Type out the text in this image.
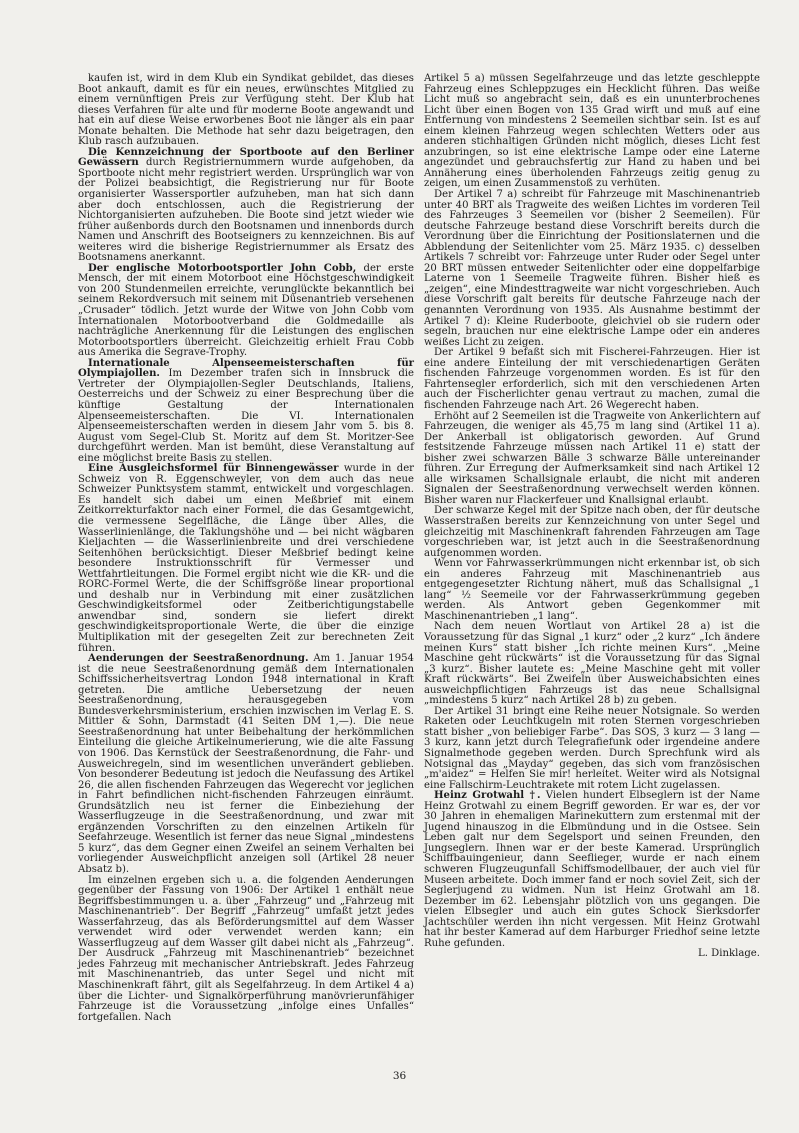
kaufen ist, wird in dem Klub ein Syndikat gebildet, das dieses Boot ankauft, damit es für ein neues, erwünschtes Mitglied zu einem vernünftigen Preis zur Verfügung steht. Der Klub hat dieses Verfahren für alte und für moderne Boote angewandt und hat ein auf diese Weise erworbenes Boot nie länger als ein paar Monate behalten. Die Methode hat sehr dazu beigetragen, den Klub rasch aufzubauen.

Die Kennzeichnung der Sportboote auf den Berliner Gewässern durch Registriernummern wurde aufgehoben, da Sportboote nicht mehr registriert werden. Ursprünglich war von der Polizei beabsichtigt, die Registrierung nur für Boote organisierter Wassersportler aufzuheben, man hat sich dann aber doch entschlossen, auch die Registrierung der Nichtorganisierten aufzuheben. Die Boote sind jetzt wieder wie früher außenbords durch den Bootsnamen und innenbords durch Namen und Anschrift des Bootseigners zu kennzeichnen. Bis auf weiteres wird die bisherige Registriernummer als Ersatz des Bootsnamens anerkannt.

Der englische Motorbootsportler John Cobb, der erste Mensch, der mit einem Motorboot eine Höchstgeschwindigkeit von 200 Stundenmeilen erreichte, verunglückte bekanntlich bei seinem Rekordversuch mit seinem mit Düsenantrieb versehenen „Crusader“ tödlich. Jetzt wurde der Witwe von John Cobb vom Internationalen Motorbootverband die Goldmedaille als nachträgliche Anerkennung für die Leistungen des englischen Motorbootsportlers überreicht. Gleichzeitig erhielt Frau Cobb aus Amerika die Segrave-Trophy.

Internationale Alpenseemeisterschaften für Olympiajollen. Im Dezember trafen sich in Innsbruck die Vertreter der Olympiajollen-Segler Deutschlands, Italiens, Oesterreichs und der Schweiz zu einer Besprechung über die künftige Gestaltung der Internationalen Alpenseemeisterschaften. Die VI. Internationalen Alpenseemeisterschaften werden in diesem Jahr vom 5. bis 8. August vom Segel-Club St. Moritz auf dem St. Moritzer-See durchgeführt werden. Man ist bemüht, diese Veranstaltung auf eine möglichst breite Basis zu stellen.

Eine Ausgleichsformel für Binnengewässer wurde in der Schweiz von R. Eggenschweyler, von dem auch das neue Schweizer Punktsystem stammt, entwickelt und vorgeschlagen. Es handelt sich dabei um einen Meßbrief mit einem Zeitkorrekturfaktor nach einer Formel, die das Gesamtgewicht, die vermessene Segelfläche, die Länge über Alles, die Wasserlinienlänge, die Taklungshöhe und — bei nicht wägbaren Kieljachten — die Wasserlinienbreite und drei verschiedene Seitenhöhen berücksichtigt. Dieser Meßbrief bedingt keine besondere Instruktionsschrift für Vermesser und Wettfahrtleitungen. Die Formel ergibt nicht wie die KR- und die RORC-Formel Werte, die der Schiffsgröße linear proportional und deshalb nur in Verbindung mit einer zusätzlichen Geschwindigkeitsformel oder Zeitberichtigungstabelle anwendbar sind, sondern sie liefert direkt geschwindigkeitsproportionale Werte, die über die einzige Multiplikation mit der gesegelten Zeit zur berechneten Zeit führen.

Aenderungen der Seestraßenordnung. Am 1. Januar 1954 ist die neue Seestraßenordnung gemäß dem Internationalen Schiffssicherheitsvertrag London 1948 international in Kraft getreten. Die amtliche Uebersetzung der neuen Seestraßenordnung, herausgegeben vom Bundesverkehrsministerium, erschien inzwischen im Verlag E. S. Mittler & Sohn, Darmstadt (41 Seiten DM 1,—). Die neue Seestraßenordnung hat unter Beibehaltung der herkömmlichen Einteilung die gleiche Artikelnumerierung, wie die alte Fassung von 1906. Das Kernstück der Seestraßenordnung, die Fahr- und Ausweichregeln, sind im wesentlichen unverändert geblieben. Von besonderer Bedeutung ist jedoch die Neufassung des Artikel 26, die allen fischenden Fahrzeugen das Wegerecht vor jeglichen in Fahrt befindlichen nicht-fischenden Fahrzeugen einräumt. Grundsätzlich neu ist ferner die Einbeziehung der Wasserflugzeuge in die Seestraßenordnung, und zwar mit ergänzenden Vorschriften zu den einzelnen Artikeln für Seefahrzeuge. Wesentlich ist ferner das neue Signal „mindestens 5 kurz“, das dem Gegner einen Zweifel an seinem Verhalten bei vorliegender Ausweichpflicht anzeigen soll (Artikel 28 neuer Absatz b).

Im einzelnen ergeben sich u. a. die folgenden Aenderungen gegenüber der Fassung von 1906: Der Artikel 1 enthält neue Begriffsbestimmungen u. a. über „Fahrzeug“ und „Fahrzeug mit Maschinenantrieb“. Der Begriff „Fahrzeug“ umfaßt jetzt jedes Wasserfahrzeug, das als Beförderungsmittel auf dem Wasser verwendet wird oder verwendet werden kann; ein Wasserflugzeug auf dem Wasser gilt dabei nicht als „Fahrzeug“. Der Ausdruck „Fahrzeug mit Maschinenantrieb“ bezeichnet jedes Fahrzeug mit mechanischer Antriebskraft. Jedes Fahrzeug mit Maschinenantrieb, das unter Segel und nicht mit Maschinenkraft fährt, gilt als Segelfahrzeug. In dem Artikel 4 a) über die Lichter- und Signalkörperführung manövrierunfähiger Fahrzeuge ist die Voraussetzung „infolge eines Unfalles“ fortgefallen. Nach

Artikel 5 a) müssen Segelfahrzeuge und das letzte geschleppte Fahrzeug eines Schleppzuges ein Hecklicht führen. Das weiße Licht muß so angebracht sein, daß es ein ununterbrochenes Licht über einen Bogen von 135 Grad wirft und muß auf eine Entfernung von mindestens 2 Seemeilen sichtbar sein. Ist es auf einem kleinen Fahrzeug wegen schlechten Wetters oder aus anderen stichhaltigen Gründen nicht möglich, dieses Licht fest anzubringen, so ist eine elektrische Lampe oder eine Laterne angezündet und gebrauchsfertig zur Hand zu haben und bei Annäherung eines überholenden Fahrzeugs zeitig genug zu zeigen, um einen Zusammenstoß zu verhüten.

Der Artikel 7 a) schreibt für Fahrzeuge mit Maschinenantrieb unter 40 BRT als Tragweite des weißen Lichtes im vorderen Teil des Fahrzeuges 3 Seemeilen vor (bisher 2 Seemeilen). Für deutsche Fahrzeuge bestand diese Vorschrift bereits durch die Verordnung über die Einrichtung der Positionslaternen und die Abblendung der Seitenlichter vom 25. März 1935. c) desselben Artikels 7 schreibt vor: Fahrzeuge unter Ruder oder Segel unter 20 BRT müssen entweder Seitenlichter oder eine doppelfarbige Laterne von 1 Seemeile Tragweite führen. Bisher hieß es „zeigen“, eine Mindesttragweite war nicht vorgeschrieben. Auch diese Vorschrift galt bereits für deutsche Fahrzeuge nach der genannten Verordnung von 1935. Als Ausnahme bestimmt der Artikel 7 d): Kleine Ruderboote, gleichviel ob sie rudern oder segeln, brauchen nur eine elektrische Lampe oder ein anderes weißes Licht zu zeigen.

Der Artikel 9 befaßt sich mit Fischerei-Fahrzeugen. Hier ist eine andere Einteilung der mit verschiedenartigen Geräten fischenden Fahrzeuge vorgenommen worden. Es ist für den Fahrtensegler erforderlich, sich mit den verschiedenen Arten auch der Fischerlichter genau vertraut zu machen, zumal die fischenden Fahrzeuge nach Art. 26 Wegerecht haben.

Erhöht auf 2 Seemeilen ist die Tragweite von Ankerlichtern auf Fahrzeugen, die weniger als 45,75 m lang sind (Artikel 11 a). Der Ankerball ist obligatorisch geworden. Auf Grund festsitzende Fahrzeuge müssen nach Artikel 11 e) statt der bisher zwei schwarzen Bälle 3 schwarze Bälle untereinander führen. Zur Erregung der Aufmerksamkeit sind nach Artikel 12 alle wirksamen Schallsignale erlaubt, die nicht mit anderen Signalen der Seestraßenordnung verwechselt werden können. Bisher waren nur Flackerfeuer und Knallsignal erlaubt.

Der schwarze Kegel mit der Spitze nach oben, der für deutsche Wasserstraßen bereits zur Kennzeichnung von unter Segel und gleichzeitig mit Maschinenkraft fahrenden Fahrzeugen am Tage vorgeschrieben war, ist jetzt auch in die Seestraßenordnung aufgenommen worden.

Wenn vor Fahrwasserkrümmungen nicht erkennbar ist, ob sich ein anderes Fahrzeug mit Maschinenantrieb aus entgegengesetzter Richtung nähert, muß das Schallsignal „1 lang“ ½ Seemeile vor der Fahrwasserkrümmung gegeben werden. Als Antwort geben Gegenkommer mit Maschinenantrieben „1 lang“.

Nach dem neuen Wortlaut von Artikel 28 a) ist die Voraussetzung für das Signal „1 kurz“ oder „2 kurz“ „Ich ändere meinen Kurs“ statt bisher „Ich richte meinen Kurs“. „Meine Maschine geht rückwärts“ ist die Voraussetzung für das Signal „3 kurz“. Bisher lautete es: „Meine Maschine geht mit voller Kraft rückwärts“. Bei Zweifeln über Ausweichabsichten eines ausweichpflichtigen Fahrzeugs ist das neue Schallsignal „mindestens 5 kurz“ nach Artikel 28 b) zu geben.

Der Artikel 31 bringt eine Reihe neuer Notsignale. So werden Raketen oder Leuchtkugeln mit roten Sternen vorgeschrieben statt bisher „von beliebiger Farbe“. Das SOS, 3 kurz — 3 lang — 3 kurz, kann jetzt durch Telegrafiefunk oder irgendeine andere Signalmethode gegeben werden. Durch Sprechfunk wird als Notsignal das „Mayday“ gegeben, das sich vom französischen „m'aidez“ = Helfen Sie mir! herleitet. Weiter wird als Notsignal eine Fallschirm-Leuchtrakete mit rotem Licht zugelassen.

Heinz Grotwahl †. Vielen hundert Elbseglern ist der Name Heinz Grotwahl zu einem Begriff geworden. Er war es, der vor 30 Jahren in ehemaligen Marinekuttern zum erstenmal mit der Jugend hinauszog in die Elbmündung und in die Ostsee. Sein Leben galt nur dem Segelsport und seinen Freunden, den Jungseglern. Ihnen war er der beste Kamerad. Ursprünglich Schiffbauingenieur, dann Seeflieger, wurde er nach einem schweren Flugzeugunfall Schiffsmodellbauer, der auch viel für Museen arbeitete. Doch immer fand er noch soviel Zeit, sich der Seglerjugend zu widmen. Nun ist Heinz Grotwahl am 18. Dezember im 62. Lebensjahr plötzlich von uns gegangen. Die vielen Elbsegler und auch ein gutes Schock Sierksdorfer Jachtschüler werden ihn nicht vergessen. Mit Heinz Grotwahl hat ihr bester Kamerad auf dem Harburger Friedhof seine letzte Ruhe gefunden.
L. Dinklage.

36
